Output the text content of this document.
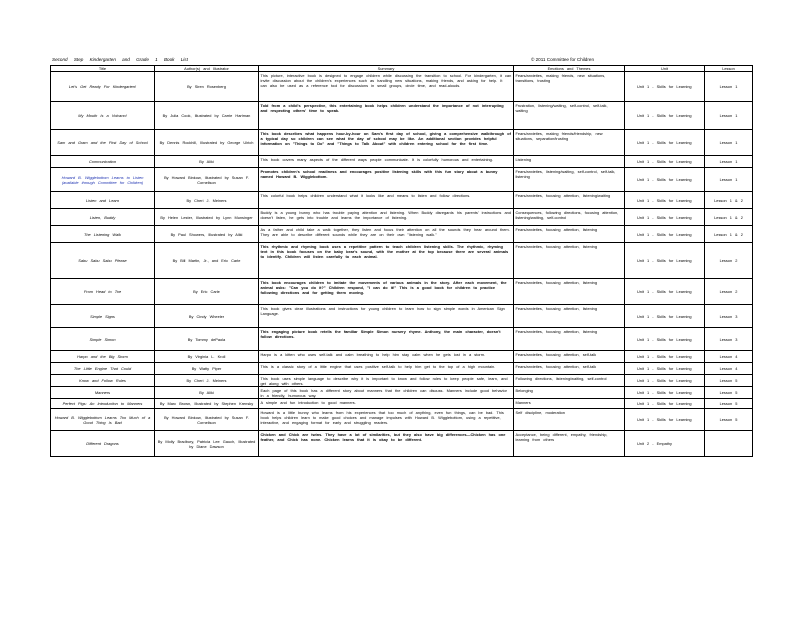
Second Step Kindergarten and Grade 1 Book List	© 2011 Committee for Children
Title	Author(s) and Illustrator	Summary	Emotions and Themes	Unit	Lesson
Let's Get Ready For Kindergarten!	By Siren Rosenberg	This picture, interactive book is designed to engage children while discussing the transition to school. For kindergarten, it can invite discussion about the children's experiences such as handling new situations, making friends, and asking for help. It can also be used as a reference tool for discussions in small groups, circle time, and read-alouds.	Fears/anxieties, making friends, new situations, transitions, trusting	Unit 1 - Skills for Learning	Lesson 1
My Mouth Is a Volcano!	By Julia Cook, Illustrated by Carrie Hartman	Told from a child's perspective, this entertaining book helps children understand the importance of not interrupting and respecting others' time to speak.	Frustration, listening/waiting, self-control, self-talk, waiting	Unit 1 - Skills for Learning	Lesson 1
Sam and Gram and the First Day of School	By Dennis Rockhill, Illustrated by George Ulrich	This book describes what happens hour-by-hour on Sam's first day of school, giving a comprehensive walkthrough of a typical day so children can see what the day of school may be like. An additional section provides helpful information on "Things to Do" and "Things to Talk About" with children entering school for the first time.	Fears/anxieties, making friends/friendship, new situations, separation/trusting	Unit 1 - Skills for Learning	Lesson 1
Communication	By Aliki	This book covers many aspects of the different ways people communicate. It is colorfully humorous and entertaining.	Listening	Unit 1 - Skills for Learning	Lesson 1
Howard B. Wigglebottom Learns to Listen (available through Committee for Children)	By Howard Binkow, Illustrated by Susan F. Cornelison	Promotes children's school readiness and encourages positive listening skills with this fun story about a bunny named Howard B. Wigglebottom.	Fears/anxieties, listening/waiting, self-control, self-talk, listening	Unit 1 - Skills for Learning	Lesson 1
Listen and Learn	By Cheri J. Meiners	This colorful book helps children understand what it looks like and means to listen and follow directions.	Fears/anxieties, focusing attention, listening/waiting	Unit 1 - Skills for Learning	Lesson 1 & 2
Listen, Buddy	By Helen Lester, Illustrated by Lynn Munsinger	Buddy is a young bunny who has trouble paying attention and listening. When Buddy disregards his parents' instructions and doesn't listen, he gets into trouble and learns the importance of listening.	Consequences, following directions, focusing attention, listening/waiting, self-control	Unit 1 - Skills for Learning	Lesson 1 & 2
The Listening Walk	By Paul Showers, Illustrated by Aliki	As a father and child take a walk together, they listen and focus their attention on all the sounds they hear around them. They are able to describe different sounds while they are on their own "listening walk."	Fears/anxieties, focusing attention, listening	Unit 1 - Skills for Learning	Lesson 1 & 2
Sabu Sabu Sabu Please	By Bill Martin, Jr., and Eric Carle	This rhythmic and rhyming book uses a repetitive pattern to teach children listening skills. The rhythmic, rhyming text in this book focuses on the baby bear's sound, with the mother at the top because there are several animals to identify. Children will listen carefully to each animal.	Fears/anxieties, focusing attention, listening	Unit 1 - Skills for Learning	Lesson 2
From Head to Toe	By Eric Carle	This book encourages children to imitate the movements of various animals in the story. After each movement, the animal asks: "Can you do it?" Children respond, "I can do it!" This is a good book for children to practice following directions and for getting them moving.	Fears/anxieties, focusing attention, listening	Unit 1 - Skills for Learning	Lesson 2
Simple Signs	By Cindy Wheeler	This book gives clear illustrations and instructions for young children to learn how to sign simple words in American Sign Language.	Fears/anxieties, focusing attention, listening	Unit 1 - Skills for Learning	Lesson 3
Simple Simon	By Tommy dePaola	This engaging picture book retells the familiar Simple Simon nursery rhyme. Anthony, the main character, doesn't follow directions.	Fears/anxieties, focusing attention, listening	Unit 1 - Skills for Learning	Lesson 3
Harpo and the Big Storm	By Virginia L. Kroll	Harpo is a kitten who uses self-talk and calm breathing to help him stay calm when he gets lost in a storm.	Fears/anxieties, focusing attention, self-talk	Unit 1 - Skills for Learning	Lesson 4
The Little Engine That Could	By Watty Piper	This is a classic story of a little engine that uses positive self-talk to help him get to the top of a high mountain.	Fears/anxieties, focusing attention, self-talk	Unit 1 - Skills for Learning	Lesson 4
Know and Follow Rules	By Cheri J. Meiners	This book uses simple language to describe why it is important to know and follow rules to keep people safe, learn, and get along with others.	Following directions, listening/waiting, self-control	Unit 1 - Skills for Learning	Lesson 5
Manners	By Aliki	Each page of this book has a different story about manners that the children can discuss. Manners include good behavior in a friendly, humorous way.	Belonging	Unit 1 - Skills for Learning	Lesson 5
Perfect Pigs: An Introduction to Manners	By Marc Brown, Illustrated by Stephen Krensky	A simple and fun introduction to good manners.	Manners	Unit 1 - Skills for Learning	Lesson 5
Howard B. Wigglebottom Learns Too Much of a Good Thing Is Bad	By Howard Binkow, Illustrated by Susan F. Cornelison	Howard is a little bunny who learns from his experiences that too much of anything, even fun things, can be bad. This book helps children learn to make good choices and manage impulses with Howard B. Wigglebottom, using a repetitive, interactive, and engaging format for early and struggling readers.	Self discipline, moderation	Unit 1 - Skills for Learning	Lesson 5
Different Dragons	By Molly Bradbury, Patricia Lee Gauch, Illustrated by Diane Dawson	Chicken and Chick are twins. They have a lot of similarities, but they also have big differences—Chicken has one feather, and Chick has none. Chicken learns that it is okay to be different.	Acceptance, being different, empathy, friendship, learning from others	Unit 2 - Empathy	
